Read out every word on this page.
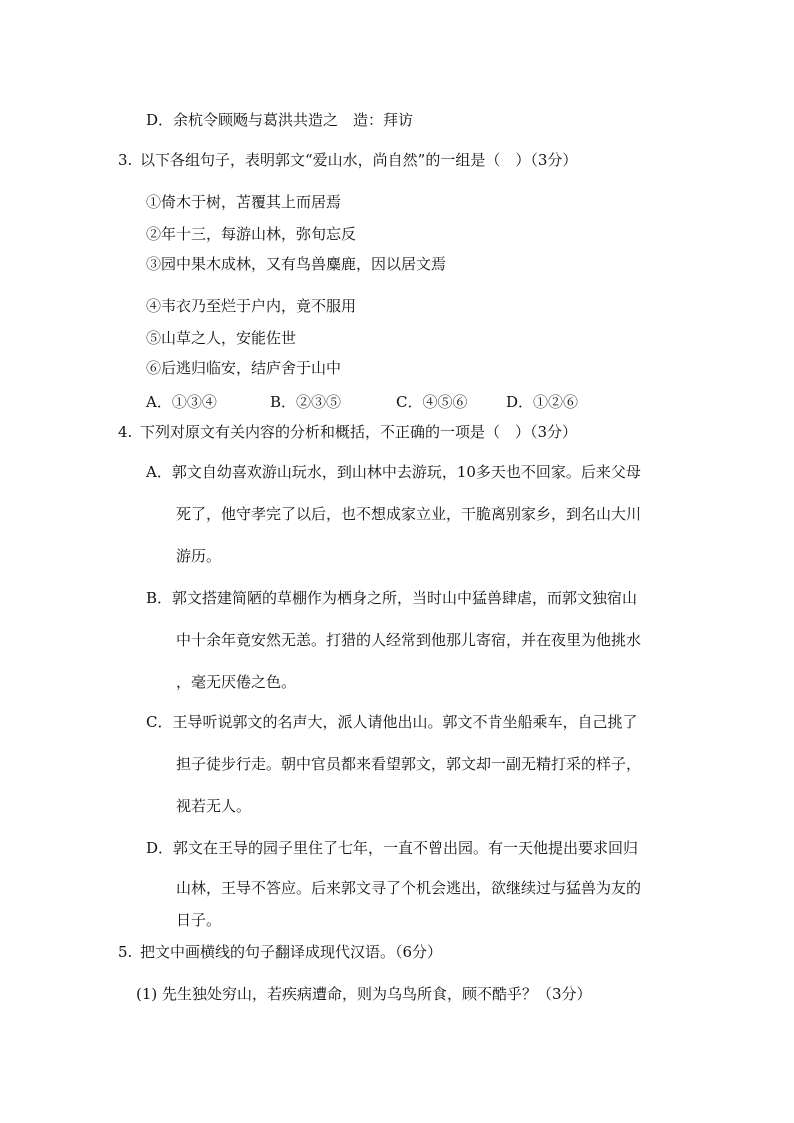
D．余杭令顾飏与葛洪共造之　造：拜访
3. 以下各组句子，表明郭文“爱山水，尚自然”的一组是（　）（3分）
①倚木于树，苫覆其上而居焉
②年十三，每游山林，弥旬忘反
③园中果木成林，又有鸟兽麋鹿，因以居文焉
④韦衣乃至烂于户内，竟不服用
⑤山草之人，安能佐世
⑥后逃归临安，结庐舍于山中
A．①③④	B．②③⑤	C．④⑤⑥	D．①②⑥
4. 下列对原文有关内容的分析和概括，不正确的一项是（　）（3分）
A．郭文自幼喜欢游山玩水，到山林中去游玩，10多天也不回家。后来父母
死了，他守孝完了以后，也不想成家立业，干脆离别家乡，到名山大川
游历。
B．郭文搭建简陋的草棚作为栖身之所，当时山中猛兽肆虐，而郭文独宿山
中十余年竟安然无恙。打猎的人经常到他那儿寄宿，并在夜里为他挑水
，毫无厌倦之色。
C．王导听说郭文的名声大，派人请他出山。郭文不肯坐船乘车，自己挑了
担子徒步行走。朝中官员都来看望郭文，郭文却一副无精打采的样子，
视若无人。
D．郭文在王导的园子里住了七年，一直不曾出园。有一天他提出要求回归
山林，王导不答应。后来郭文寻了个机会逃出，欲继续过与猛兽为友的
日子。
5. 把文中画横线的句子翻译成现代汉语。（6分）
(1) 先生独处穷山，若疾病遭命，则为乌鸟所食，顾不酷乎？（3分）
